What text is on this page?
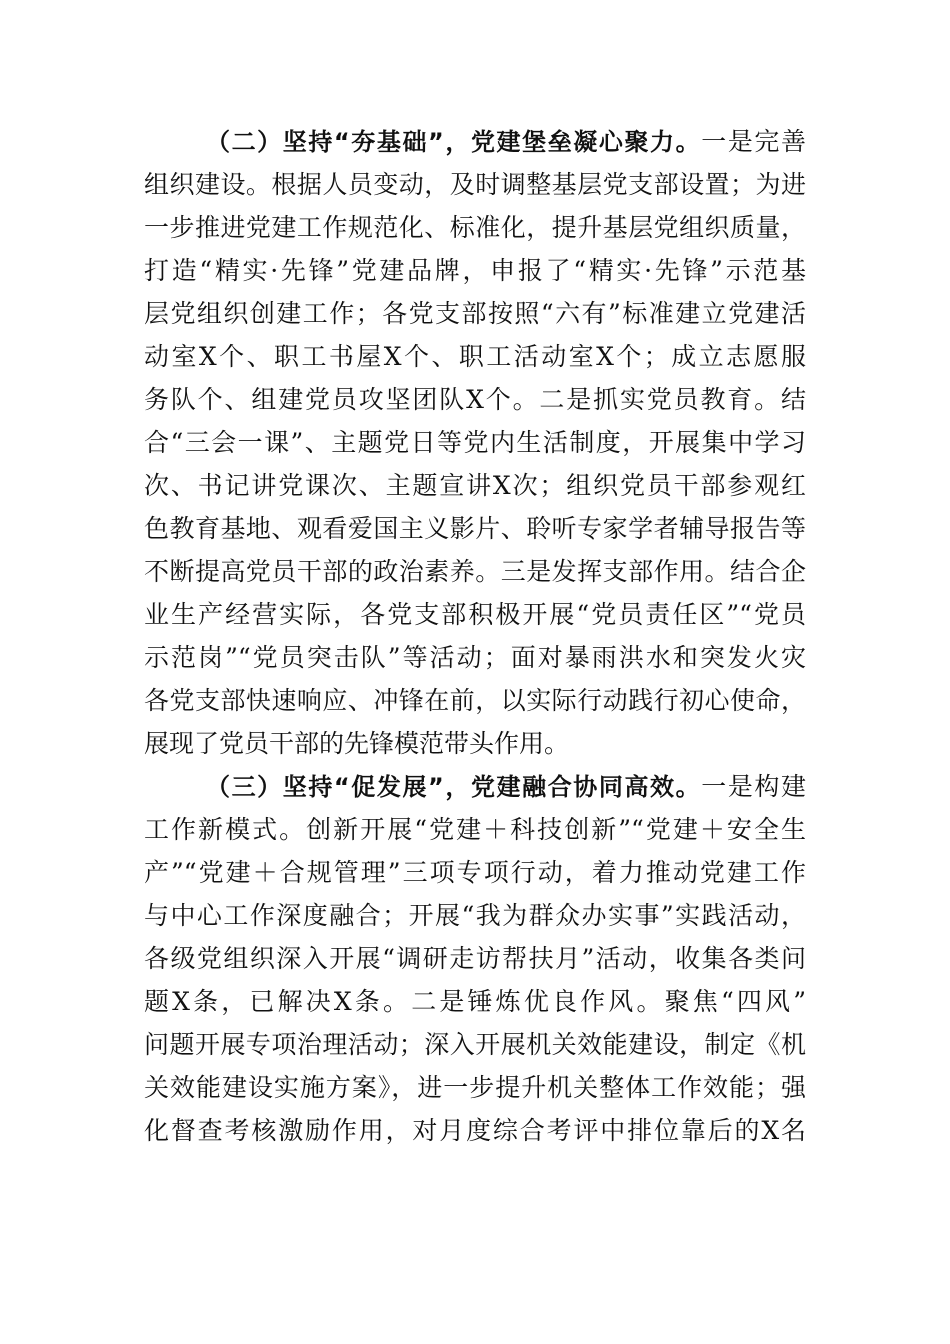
（二）坚持“夯基础”，党建堡垒凝心聚力。一是完善
组织建设。根据人员变动，及时调整基层党支部设置；为进
一步推进党建工作规范化、标准化，提升基层党组织质量，
打造“精实·先锋”党建品牌，申报了“精实·先锋”示范基
层党组织创建工作；各党支部按照“六有”标准建立党建活
动室X个、职工书屋X个、职工活动室X个；成立志愿服
务队个、组建党员攻坚团队X个。二是抓实党员教育。结
合“三会一课”、主题党日等党内生活制度，开展集中学习
次、书记讲党课次、主题宣讲X次；组织党员干部参观红
色教育基地、观看爱国主义影片、聆听专家学者辅导报告等
不断提高党员干部的政治素养。三是发挥支部作用。结合企
业生产经营实际，各党支部积极开展“党员责任区”“党员
示范岗”“党员突击队”等活动；面对暴雨洪水和突发火灾
各党支部快速响应、冲锋在前，以实际行动践行初心使命，
展现了党员干部的先锋模范带头作用。
（三）坚持“促发展”，党建融合协同高效。一是构建
工作新模式。创新开展“党建＋科技创新”“党建＋安全生
产”“党建＋合规管理”三项专项行动，着力推动党建工作
与中心工作深度融合；开展“我为群众办实事”实践活动，
各级党组织深入开展“调研走访帮扶月”活动，收集各类问
题X条，已解决X条。二是锤炼优良作风。聚焦“四风”
问题开展专项治理活动；深入开展机关效能建设，制定《机
关效能建设实施方案》，进一步提升机关整体工作效能；强
化督查考核激励作用，对月度综合考评中排位靠后的X名
